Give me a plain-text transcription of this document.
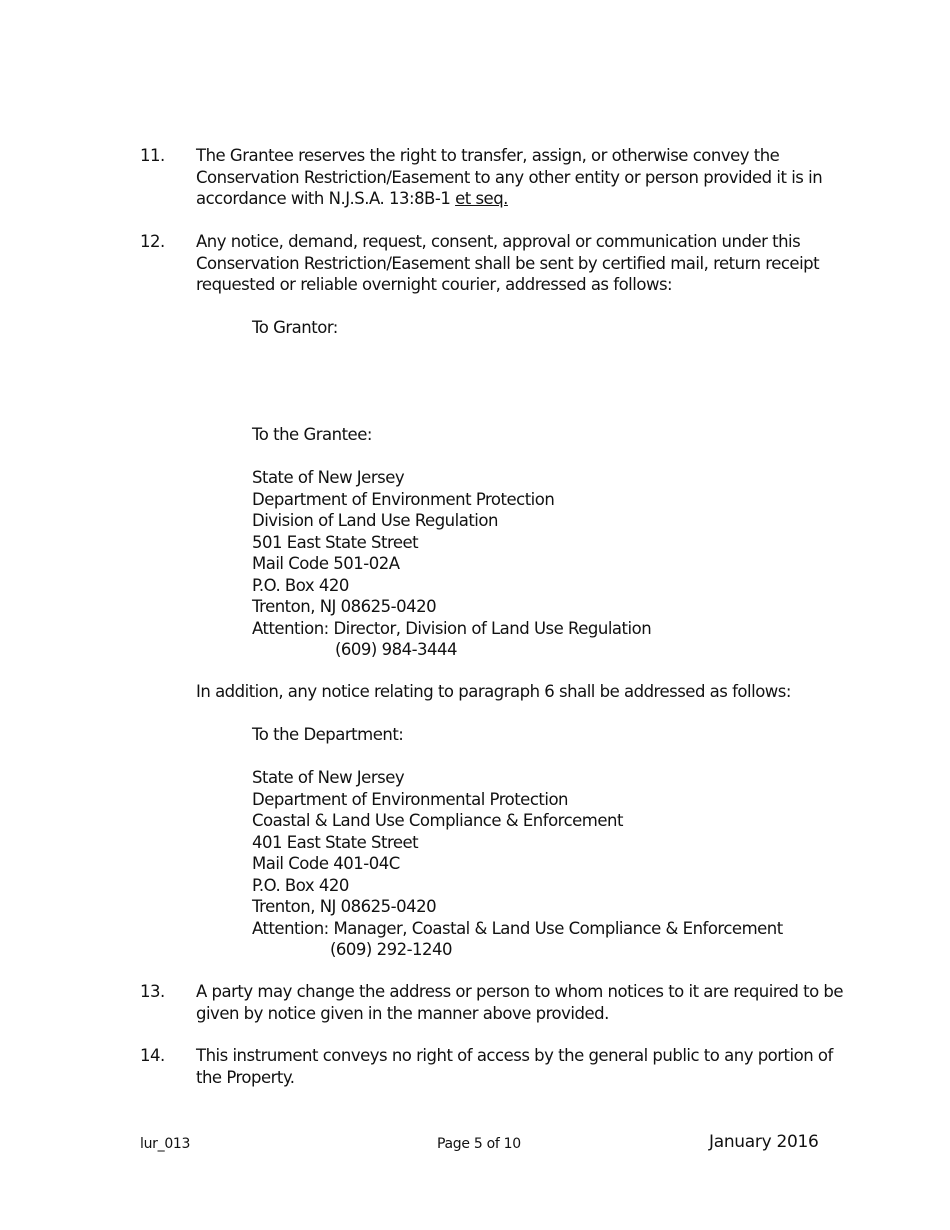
11. The Grantee reserves the right to transfer, assign, or otherwise convey the
Conservation Restriction/Easement to any other entity or person provided it is in
accordance with N.J.S.A. 13:8B-1 et seq.
12. Any notice, demand, request, consent, approval or communication under this
Conservation Restriction/Easement shall be sent by certified mail, return receipt
requested or reliable overnight courier, addressed as follows:
To Grantor:
To the Grantee:
State of New Jersey
Department of Environment Protection
Division of Land Use Regulation
501 East State Street
Mail Code 501-02A
P.O. Box 420
Trenton, NJ 08625-0420
Attention: Director, Division of Land Use Regulation
(609) 984-3444
In addition, any notice relating to paragraph 6 shall be addressed as follows:
To the Department:
State of New Jersey
Department of Environmental Protection
Coastal & Land Use Compliance & Enforcement
401 East State Street
Mail Code 401-04C
P.O. Box 420
Trenton, NJ 08625-0420
Attention: Manager, Coastal & Land Use Compliance & Enforcement
(609) 292-1240
13. A party may change the address or person to whom notices to it are required to be
given by notice given in the manner above provided.
14. This instrument conveys no right of access by the general public to any portion of
the Property.
lur_013	Page 5 of 10	January 2016
